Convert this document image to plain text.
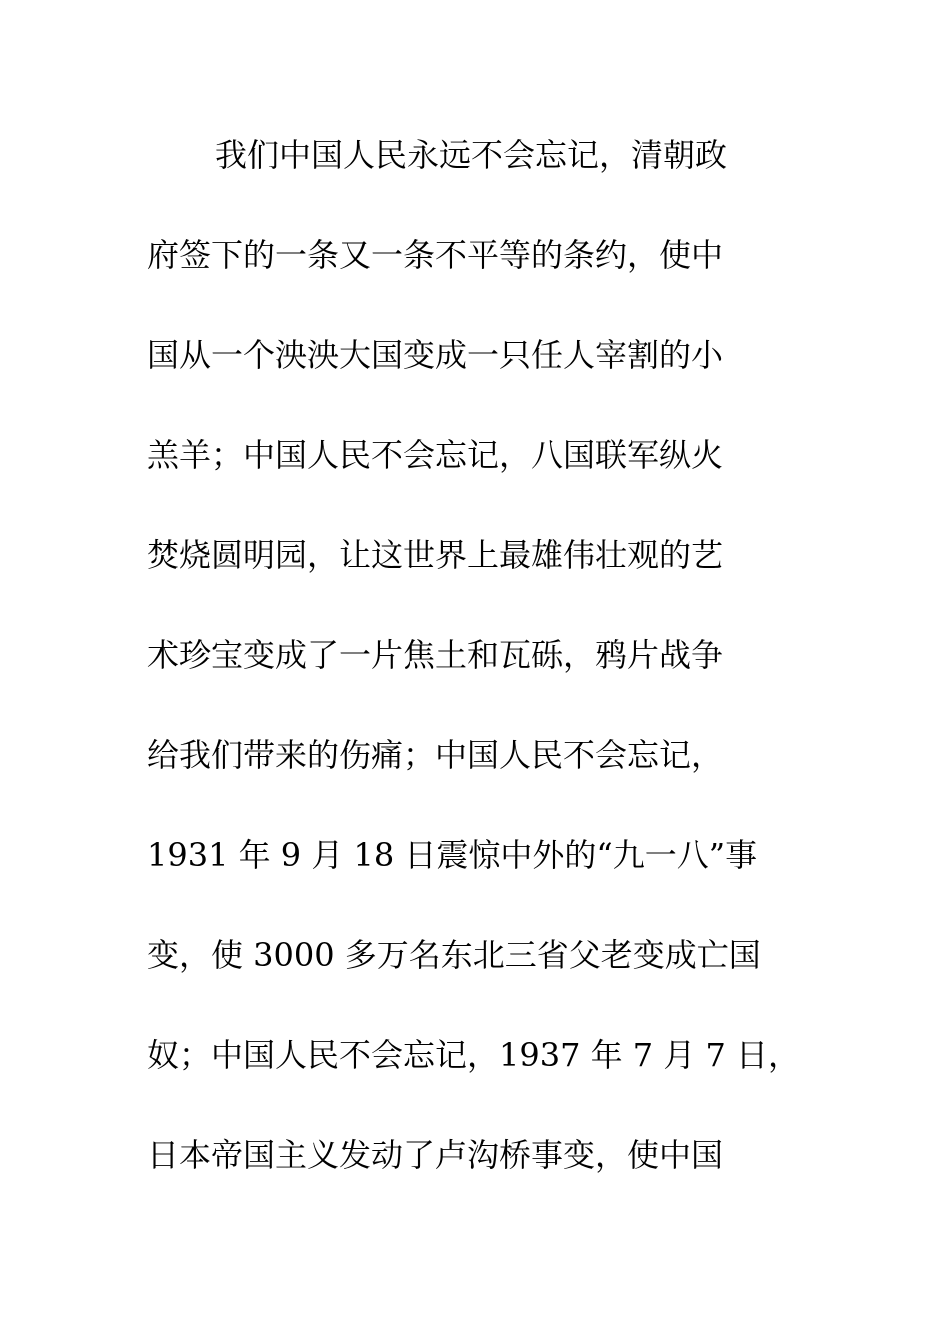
我们中国人民永远不会忘记，清朝政
府签下的一条又一条不平等的条约，使中
国从一个泱泱大国变成一只任人宰割的小
羔羊；中国人民不会忘记，八国联军纵火
焚烧圆明园，让这世界上最雄伟壮观的艺
术珍宝变成了一片焦土和瓦砾，鸦片战争
给我们带来的伤痛；中国人民不会忘记，
1931 年 9 月 18 日震惊中外的“九一八”事
变，使 3000 多万名东北三省父老变成亡国
奴；中国人民不会忘记，1937 年 7 月 7 日，
日本帝国主义发动了卢沟桥事变，使中国
